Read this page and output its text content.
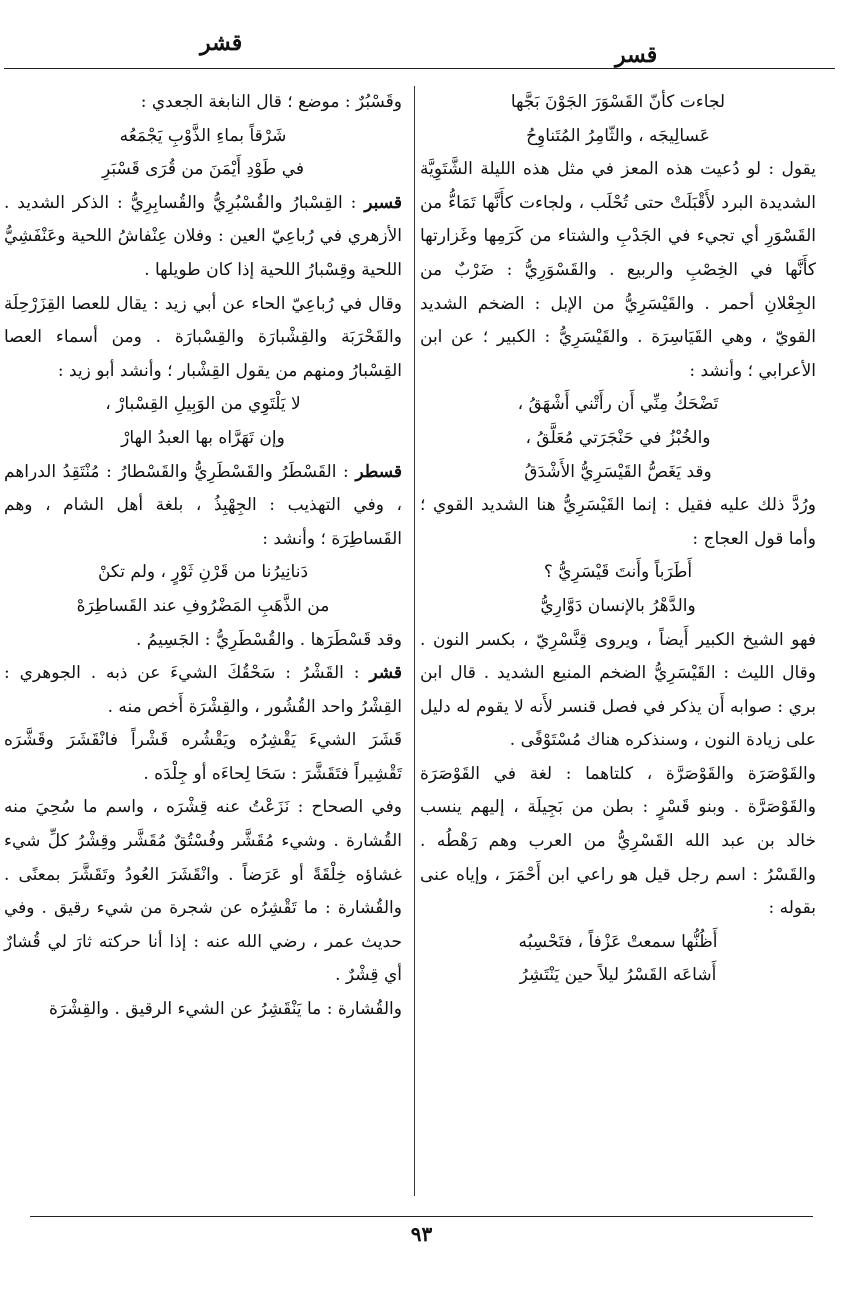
قشر	قسر

لجاءت كأنّ القَسْوَرَ الجَوْنَ بَجَّها

عَسالِيجَه ، والثّامِرُ المُتَناوِحُ

يقول : لو دُعيت هذه المعز في مثل هذه الليلة الشَّتَوِيَّة الشديدة البرد لأَقْبَلَتْ حتى تُحْلَب ، ولجاءت كأَنَّها تَمَاءُّ من القَسْوَرِ أي تجيء في الجَدْبِ والشتاء من كَرَمِها وغَزارتها كأَنَّها في الخِصْبِ والربيع . والقَسْوَرِيُّ : ضَرْبٌ من الجِعْلانِ أحمر . والقَيْسَرِيُّ من الإبل : الضخم الشديد القويّ ، وهي القَيَاسِرَة . والقَيْسَرِيُّ : الكبير ؛ عن ابن الأعرابي ؛ وأنشد :

تَضْحَكُ مِنِّي أَن رأَتْني أَشْهَقُ ،

والخُبْزُ في حَنْجَرَتي مُعَلَّقُ ،

وقد يَغَصُّ القَيْسَرِيُّ الأَشْدَقُ

ورُدَّ ذلك عليه فقيل : إنما القَيْسَرِيُّ هنا الشديد القوي ؛ وأما قول العجاج :

أَطَرَباً وأَنتَ قَيْسَرِيُّ ؟

والدَّهْرُ بالإنسان دَوَّارِيُّ

فهو الشيخ الكبير أَيضاً ، ويروى قِنَّسْرِيّ ، بكسر النون . وقال الليث : القَيْسَرِيُّ الضخم المنيع الشديد . قال ابن بري : صوابه أَن يذكر في فصل قنسر لأَنه لا يقوم له دليل على زيادة النون ، وسنذكره هناك مُسْتَوْفًى .

والقَوْصَرَة والقَوْصَرَّة ، كلتاهما : لغة في القَوْصَرَة والقَوْصَرَّة . وبنو قَسْرٍ : بطن من بَجِيلَة ، إليهم ينسب خالد بن عبد الله القَسْرِيُّ من العرب وهم رَهْطُه . والقَسْرُ : اسم رجل قيل هو راعي ابن أَحْمَرَ ، وإياه عنى بقوله :

أَظُنُّها سمعتْ عَزْفاً ، فتَحْسِبُه

أَشاعَه القَسْرُ ليلاً حين يَنْتَشِرُ

وقَسْبُرٌ : موضع ؛ قال النابغة الجعدي :

شَرْقاً بماءِ الذَّوْبِ يَجْمَعُه

في طَوْدِ أَيْمَنَ من قُرَى قَسْبَرِ

قسبر : القِسْبارُ والقُسْبُرِيُّ والقُسابِرِيُّ : الذكر الشديد . الأزهري في رُباعِيّ العين : وفلان عِنْفاشُ اللحية وعَنْفَشِيُّ اللحية وقِسْبارُ اللحية إذا كان طويلها .

وقال في رُباعِيّ الحاء عن أبي زيد : يقال للعصا القِزَرْحِلَة والقَحْرَبَة والقِشْبارَة والقِسْبارَة . ومن أسماء العصا القِسْبارُ ومنهم من يقول القِشْبار ؛ وأنشد أبو زيد :

لا يَلْتَوِي من الوَبِيلِ القِسْبارْ ،

وإن تَهَرَّاه بها العبدُ الهارْ

قسطر : القَسْطَرُ والقَسْطَرِيُّ والقَسْطارُ : مُنْتَقِدُ الدراهم ، وفي التهذيب : الجِهْبِذُ ، بلغة أهل الشام ، وهم القَساطِرَة ؛ وأنشد :

دَنانِيرُنا من قَرْنِ ثَوْرٍ ، ولم تكنْ

من الذَّهَبِ المَضْرُوفِ عند القَساطِرَهْ

وقد قَسْطَرَها . والقُسْطَرِيُّ : الجَسِيمُ .

قشر : القَشْرُ : سَحْقُكَ الشيءَ عن ذبه . الجوهري : القِشْرُ واحد القُشُور ، والقِشْرَة أَخص منه .

قَشَرَ الشيءَ يَقْشِرُه ويَقْشُره قَشْراً فانْقَشَرَ وقَشَّرَه تَقْشِيراً فتَقَشَّرَ : سَحَا لِحاءَه أو جِلْدَه .

وفي الصحاح : نَزَعْتُ عنه قِشْرَه ، واسم ما سُحِيَ منه القُشارة . وشيء مُقَشَّر وفُسْتُقٌ مُقَشَّر وقِشْرُ كلِّ شيء غشاؤه خِلْقَةً أو عَرَضاً . وانْقَشَرَ العُودُ وتَقَشَّرَ بمعنًى . والقُشارة : ما تَقْشِرُه عن شجرة من شيء رقيق . وفي حديث عمر ، رضي الله عنه : إذا أنا حركته ثارَ لي قُشارٌ أي قِشْرٌ .

والقُشارة : ما يَنْقَشِرُ عن الشيء الرقيق . والقِشْرَة

٩٣
